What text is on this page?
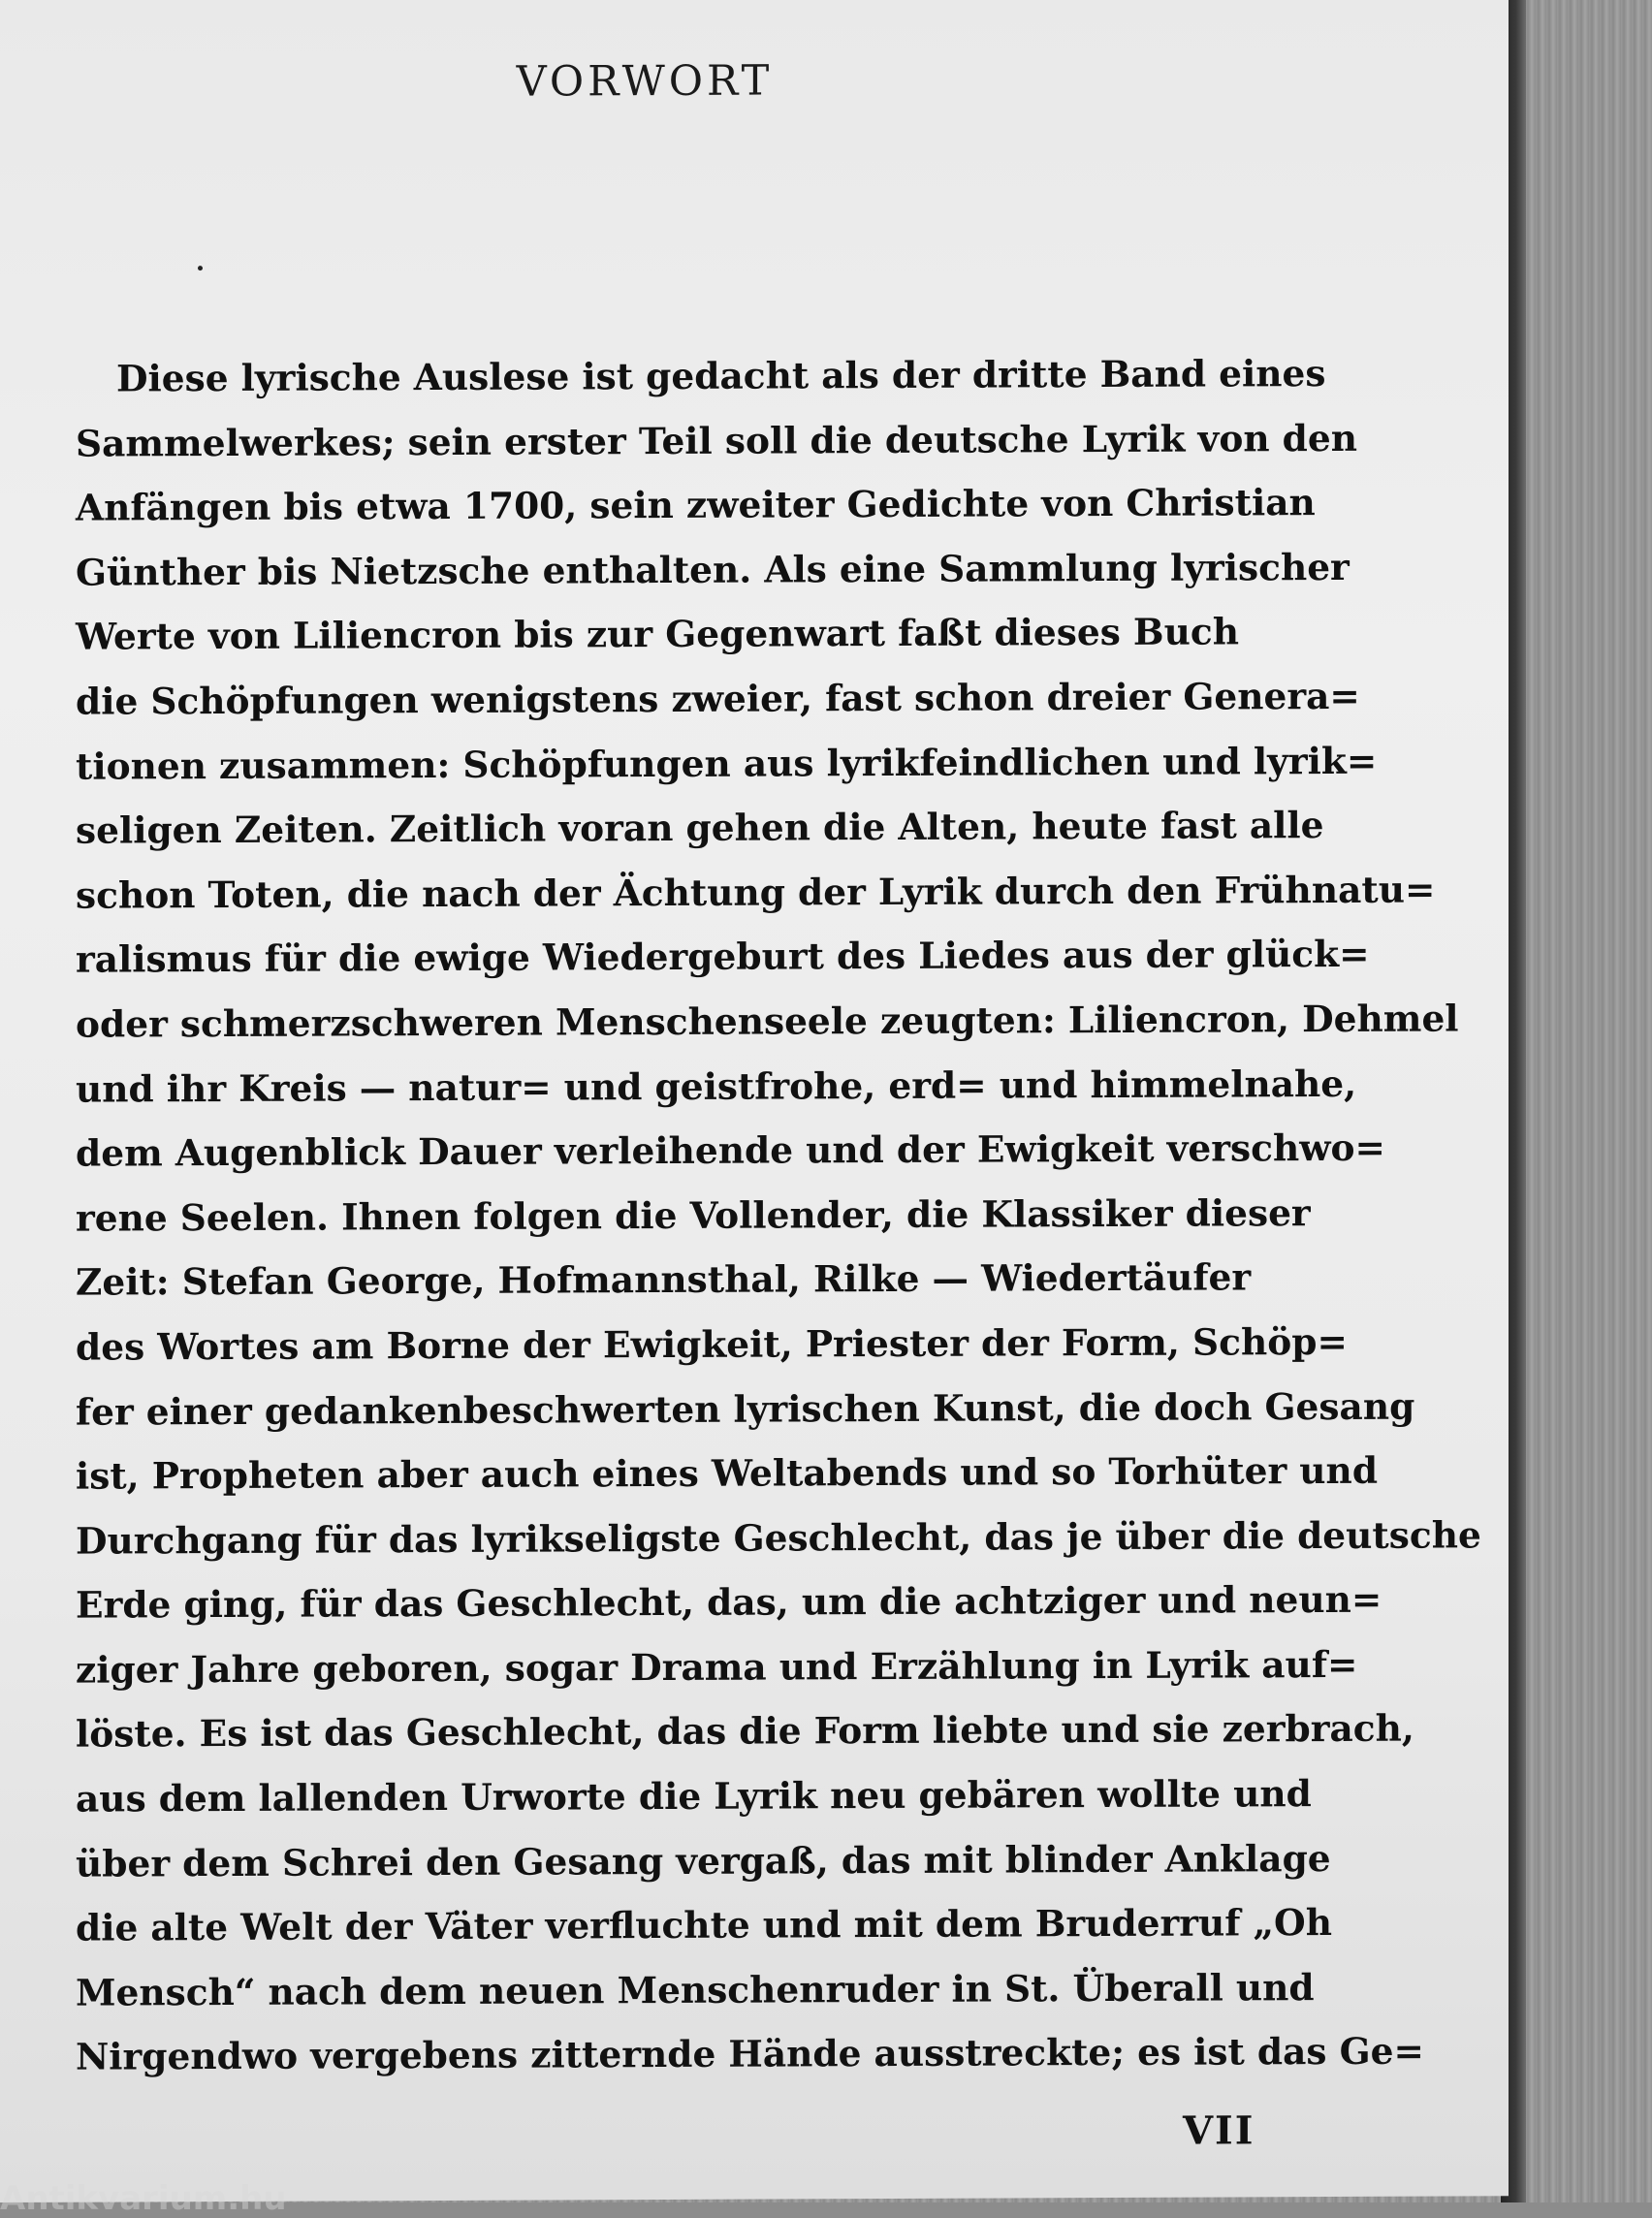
VORWORT
Diese lyrische Auslese ist gedacht als der dritte Band eines
Sammelwerkes; sein erster Teil soll die deutsche Lyrik von den
Anfängen bis etwa 1700, sein zweiter Gedichte von Christian
Günther bis Nietzsche enthalten. Als eine Sammlung lyrischer
Werte von Liliencron bis zur Gegenwart faßt dieses Buch
die Schöpfungen wenigstens zweier, fast schon dreier Genera=
tionen zusammen: Schöpfungen aus lyrikfeindlichen und lyrik=
seligen Zeiten. Zeitlich voran gehen die Alten, heute fast alle
schon Toten, die nach der Ächtung der Lyrik durch den Frühnatu=
ralismus für die ewige Wiedergeburt des Liedes aus der glück=
oder schmerzschweren Menschenseele zeugten: Liliencron, Dehmel
und ihr Kreis — natur= und geistfrohe, erd= und himmelnahe,
dem Augenblick Dauer verleihende und der Ewigkeit verschwo=
rene Seelen. Ihnen folgen die Vollender, die Klassiker dieser
Zeit: Stefan George, Hofmannsthal, Rilke — Wiedertäufer
des Wortes am Borne der Ewigkeit, Priester der Form, Schöp=
fer einer gedankenbeschwerten lyrischen Kunst, die doch Gesang
ist, Propheten aber auch eines Weltabends und so Torhüter und
Durchgang für das lyrikseligste Geschlecht, das je über die deutsche
Erde ging, für das Geschlecht, das, um die achtziger und neun=
ziger Jahre geboren, sogar Drama und Erzählung in Lyrik auf=
löste. Es ist das Geschlecht, das die Form liebte und sie zerbrach,
aus dem lallenden Urworte die Lyrik neu gebären wollte und
über dem Schrei den Gesang vergaß, das mit blinder Anklage
die alte Welt der Väter verfluchte und mit dem Bruderruf „Oh
Mensch“ nach dem neuen Menschenruder in St. Überall und
Nirgendwo vergebens zitternde Hände ausstreckte; es ist das Ge=
VII
Antikvarium.hu
